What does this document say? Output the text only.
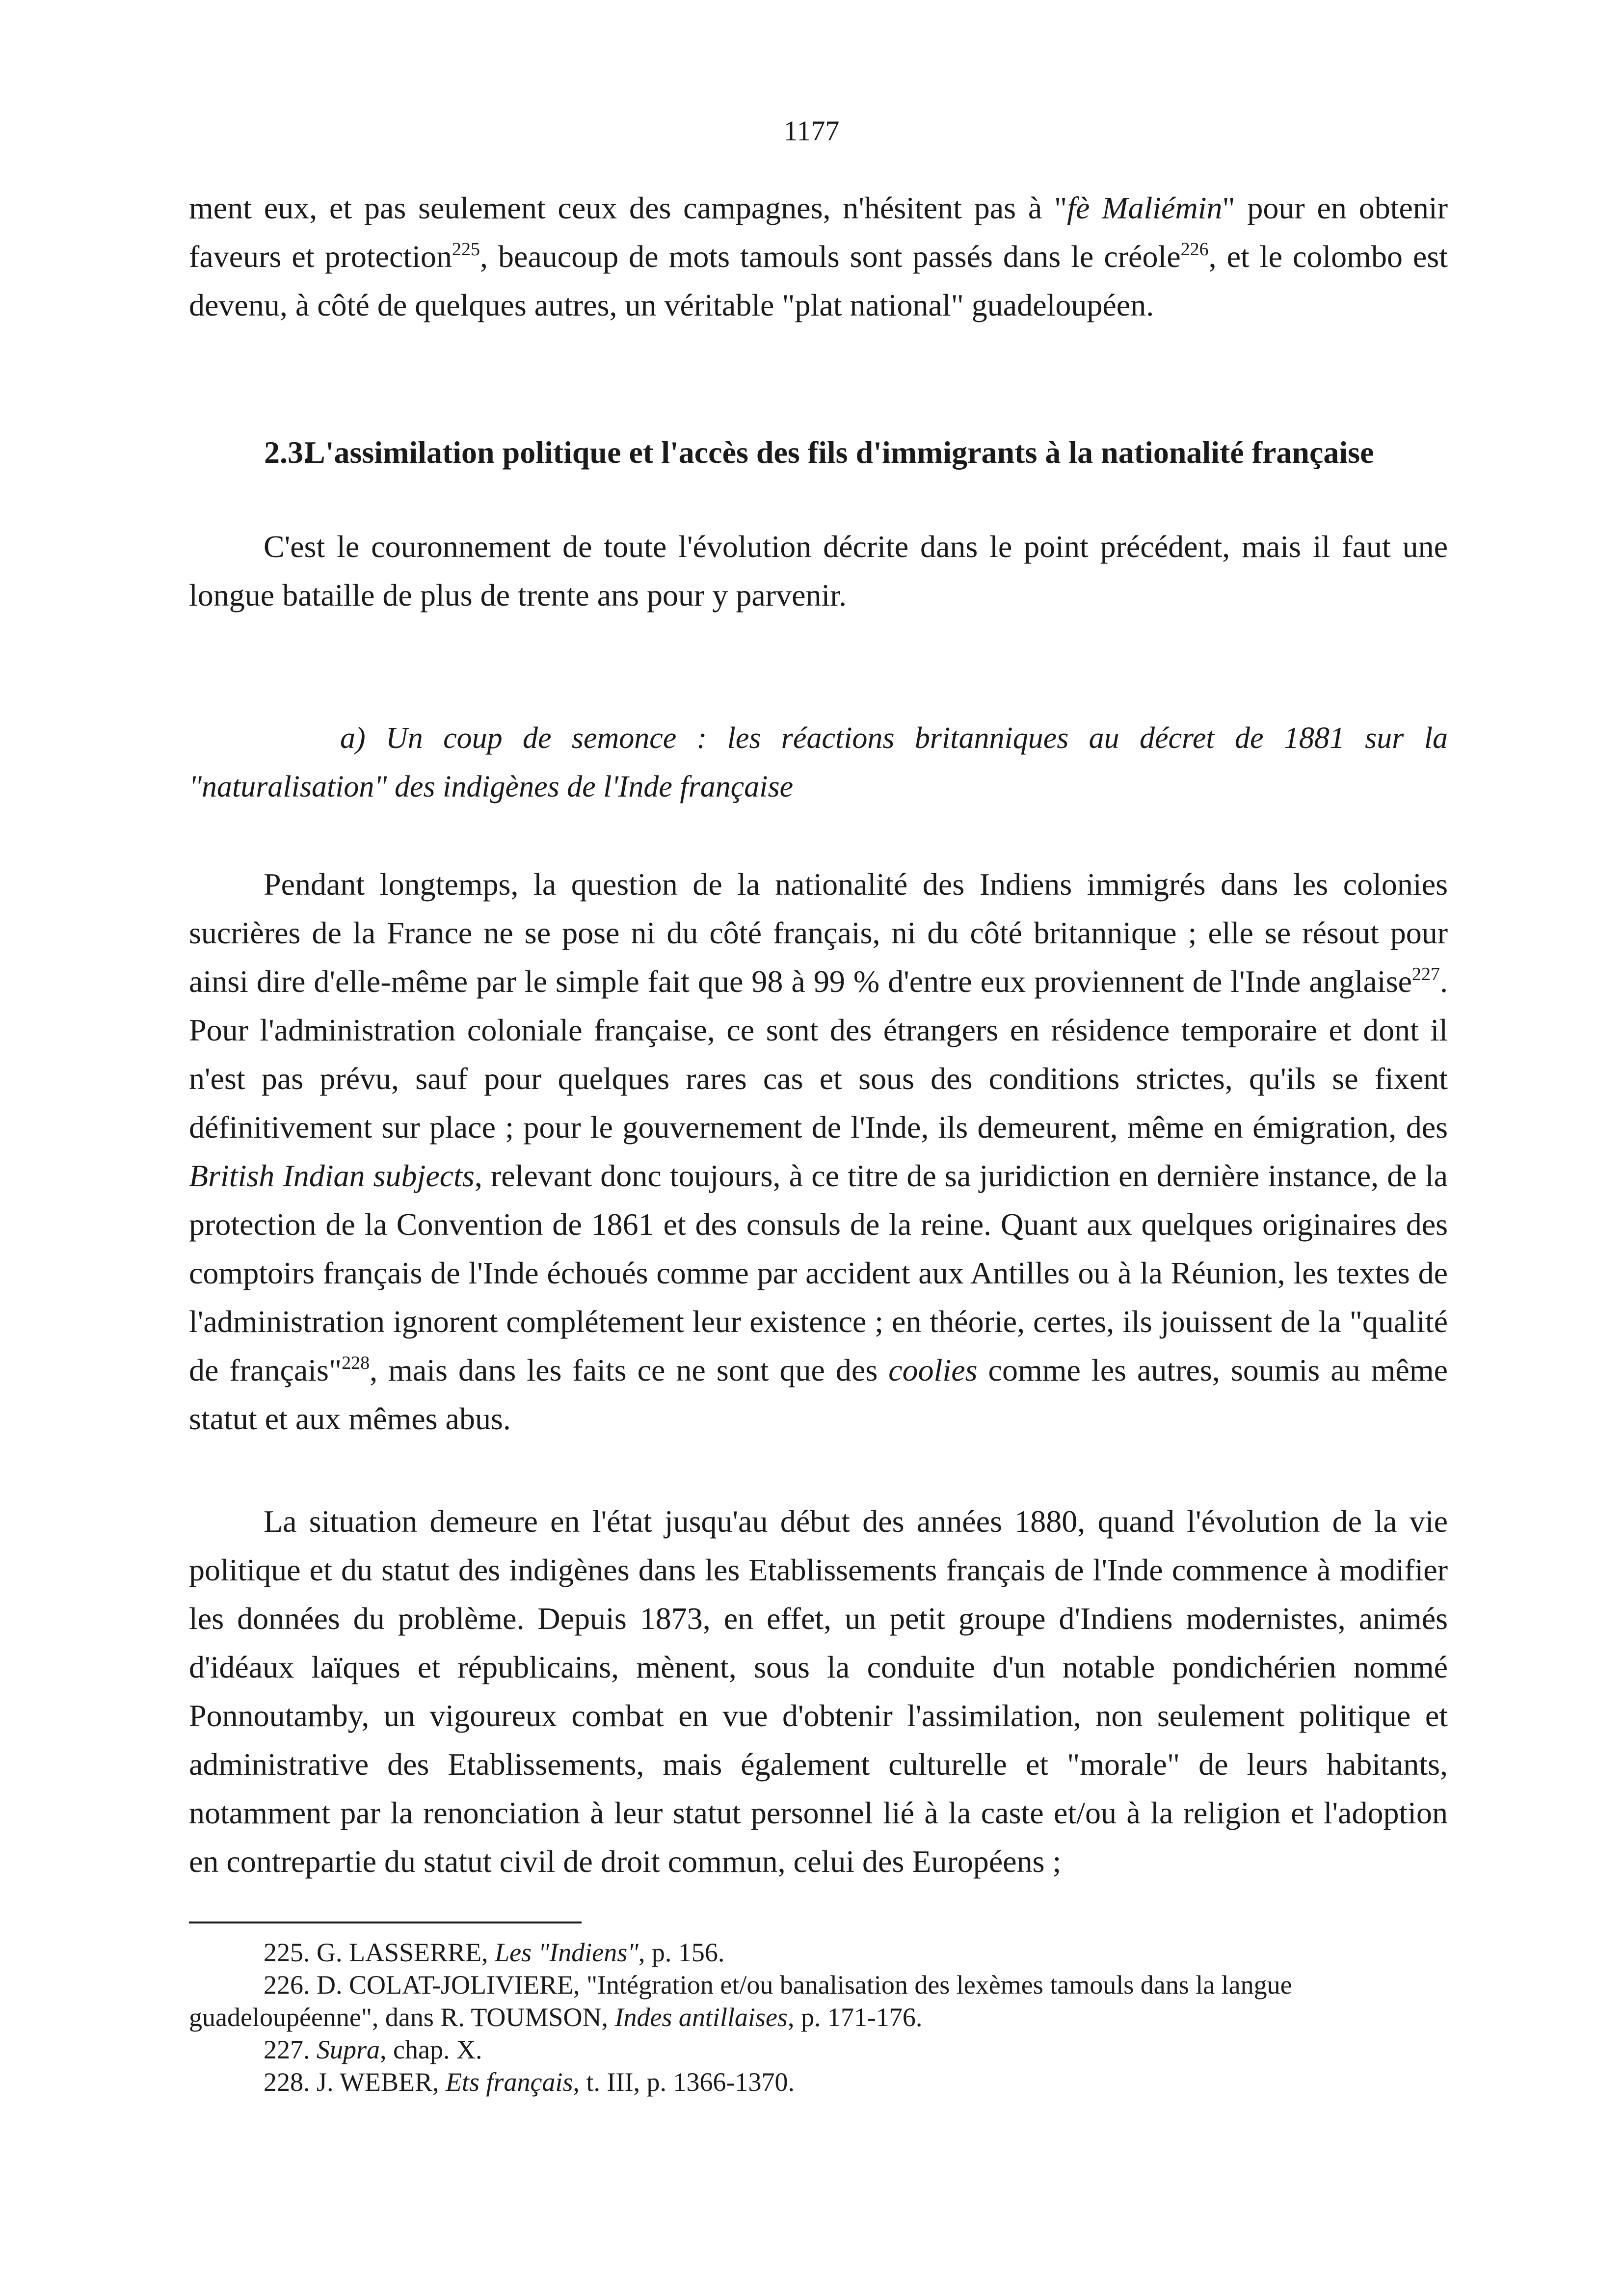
1177

ment eux, et pas seulement ceux des campagnes, n'hésitent pas à "fè Maliémin" pour en obtenir faveurs et protection$^{225}$, beaucoup de mots tamouls sont passés dans le créole$^{226}$, et le colombo est devenu, à côté de quelques autres, un véritable "plat national" guadeloupéen.

2.3.L'assimilation politique et l'accès des fils d'immigrants à la nationalité française

C'est le couronnement de toute l'évolution décrite dans le point précédent, mais il faut une longue bataille de plus de trente ans pour y parvenir.

a) Un coup de semonce : les réactions britanniques au décret de 1881 sur la "naturalisation" des indigènes de l'Inde française

Pendant longtemps, la question de la nationalité des Indiens immigrés dans les colonies sucrières de la France ne se pose ni du côté français, ni du côté britannique ; elle se résout pour ainsi dire d'elle-même par le simple fait que 98 à 99 % d'entre eux proviennent de l'Inde anglaise$^{227}$. Pour l'administration coloniale française, ce sont des étrangers en résidence temporaire et dont il n'est pas prévu, sauf pour quelques rares cas et sous des conditions strictes, qu'ils se fixent définitivement sur place ; pour le gouvernement de l'Inde, ils demeurent, même en émigration, des British Indian subjects, relevant donc toujours, à ce titre de sa juridiction en dernière instance, de la protection de la Convention de 1861 et des consuls de la reine. Quant aux quelques originaires des comptoirs français de l'Inde échoués comme par accident aux Antilles ou à la Réunion, les textes de l'administration ignorent complétement leur existence ; en théorie, certes, ils jouissent de la "qualité de français"$^{228}$, mais dans les faits ce ne sont que des coolies comme les autres, soumis au même statut et aux mêmes abus.

La situation demeure en l'état jusqu'au début des années 1880, quand l'évolution de la vie politique et du statut des indigènes dans les Etablissements français de l'Inde commence à modifier les données du problème. Depuis 1873, en effet, un petit groupe d'Indiens modernistes, animés d'idéaux laïques et républicains, mènent, sous la conduite d'un notable pondichérien nommé Ponnoutamby, un vigoureux combat en vue d'obtenir l'assimilation, non seulement politique et administrative des Etablissements, mais également culturelle et "morale" de leurs habitants, notamment par la renonciation à leur statut personnel lié à la caste et/ou à la religion et l'adoption en contrepartie du statut civil de droit commun, celui des Européens ;

225. G. LASSERRE, Les "Indiens", p. 156.

226. D. COLAT-JOLIVIERE, "Intégration et/ou banalisation des lexèmes tamouls dans la langue guadeloupéenne", dans R. TOUMSON, Indes antillaises, p. 171-176.

227. Supra, chap. X.

228. J. WEBER, Ets français, t. III, p. 1366-1370.
